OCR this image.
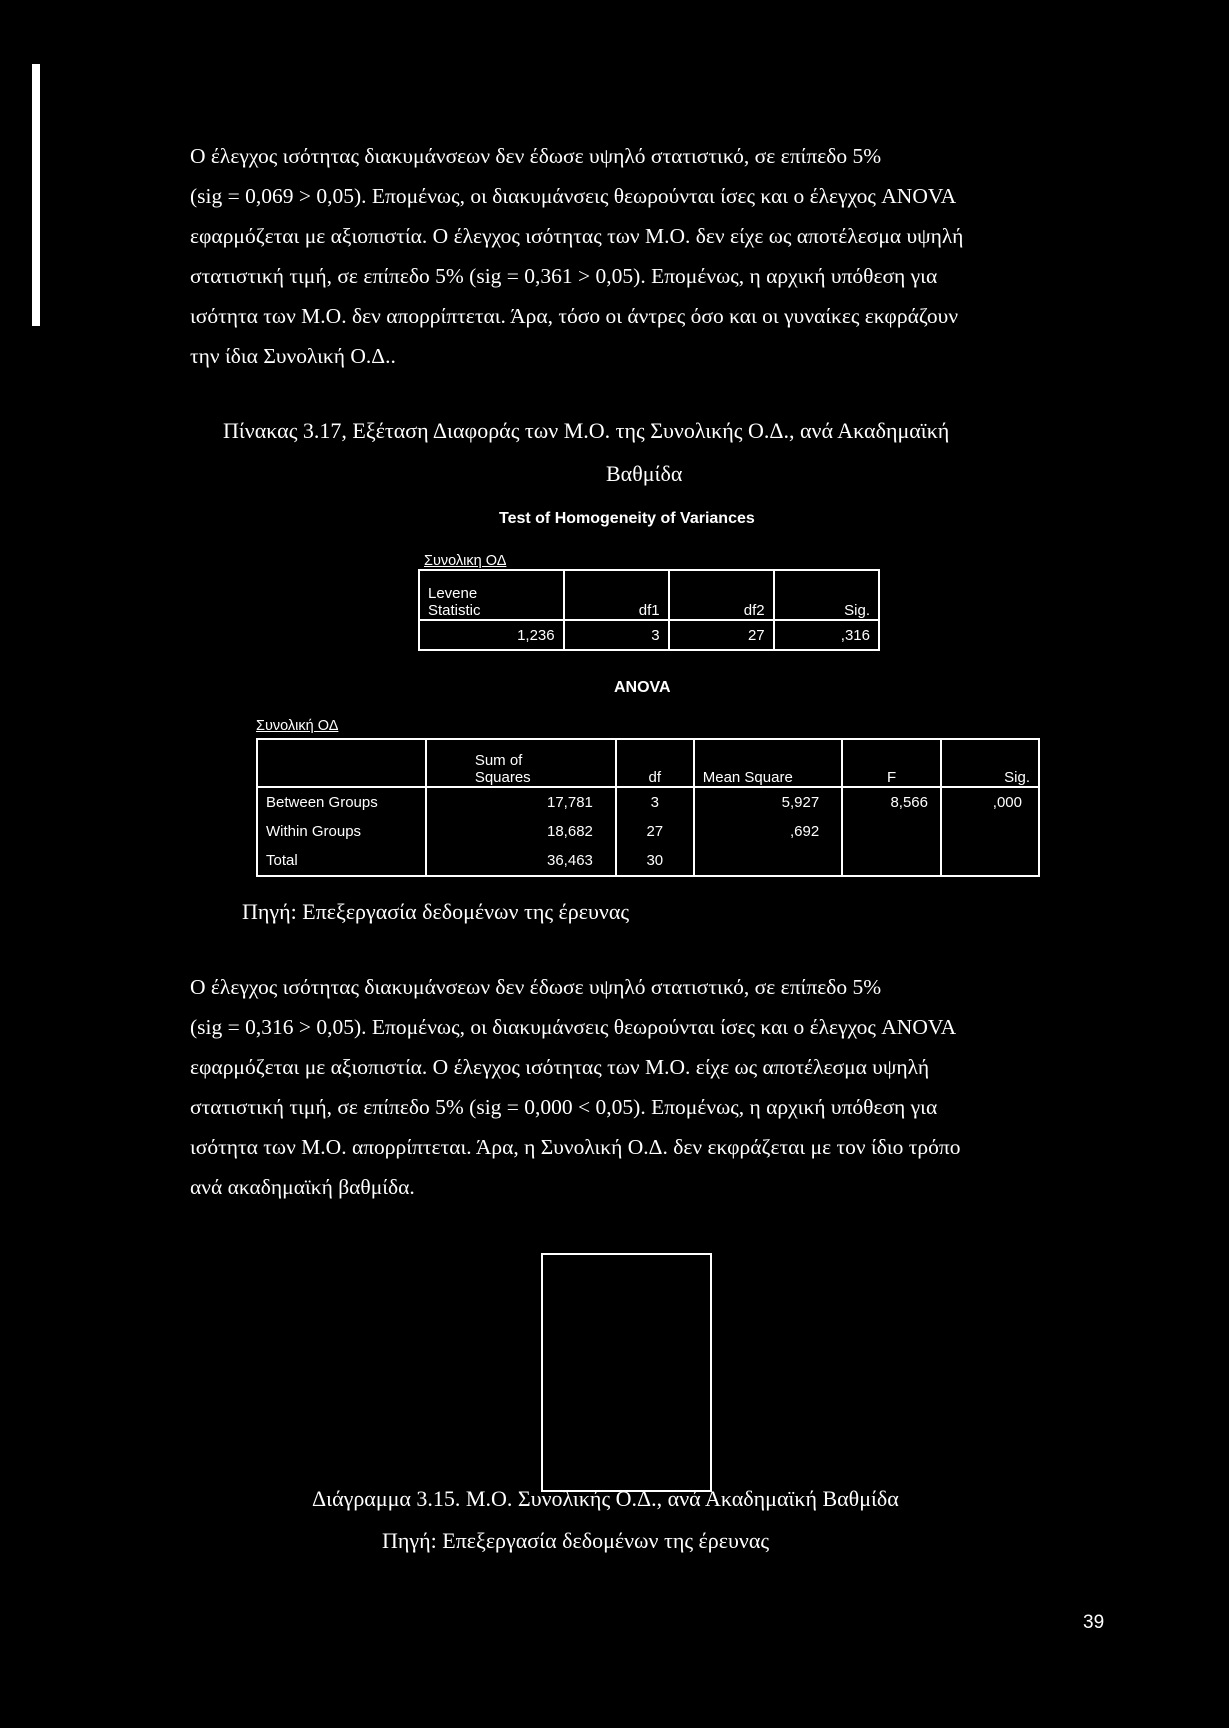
Ο έλεγχος ισότητας διακυμάνσεων δεν έδωσε υψηλό στατιστικό, σε επίπεδο 5%

(sig = 0,069 > 0,05). Επομένως, οι διακυμάνσεις θεωρούνται ίσες και ο έλεγχος ANOVA

εφαρμόζεται με αξιοπιστία. Ο έλεγχος ισότητας των Μ.Ο. δεν είχε ως αποτέλεσμα υψηλή

στατιστική τιμή, σε επίπεδο 5% (sig = 0,361 > 0,05). Επομένως, η αρχική υπόθεση για

ισότητα των Μ.Ο. δεν απορρίπτεται. Άρα, τόσο οι άντρες όσο και οι γυναίκες εκφράζουν

την ίδια Συνολική Ο.Δ..

Πίνακας 3.17, Εξέταση Διαφοράς των Μ.Ο. της Συνολικής Ο.Δ., ανά Ακαδημαϊκή
Βαθμίδα
Test of Homogeneity of Variances
Συνολικη ΟΔ
Levene
Statistic	df1	df2	Sig.
1,236	3	27	,316
ANOVA
Συνολική ΟΔ
	Sum of
Squares	df	Mean Square	F	Sig.
Between Groups	17,781	3	5,927	8,566	,000
Within Groups	18,682	27	,692		
Total	36,463	30			
Πηγή: Επεξεργασία δεδομένων της έρευνας

Ο έλεγχος ισότητας διακυμάνσεων δεν έδωσε υψηλό στατιστικό, σε επίπεδο 5%

(sig = 0,316 > 0,05). Επομένως, οι διακυμάνσεις θεωρούνται ίσες και ο έλεγχος ANOVA

εφαρμόζεται με αξιοπιστία. Ο έλεγχος ισότητας των Μ.Ο. είχε ως αποτέλεσμα υψηλή

στατιστική τιμή, σε επίπεδο 5% (sig = 0,000 < 0,05). Επομένως, η αρχική υπόθεση για

ισότητα των Μ.Ο. απορρίπτεται. Άρα, η Συνολική Ο.Δ. δεν εκφράζεται με τον ίδιο τρόπο

ανά ακαδημαϊκή βαθμίδα.

Διάγραμμα 3.15. Μ.Ο. Συνολικής Ο.Δ., ανά Ακαδημαϊκή Βαθμίδα
Πηγή: Επεξεργασία δεδομένων της έρευνας
39
